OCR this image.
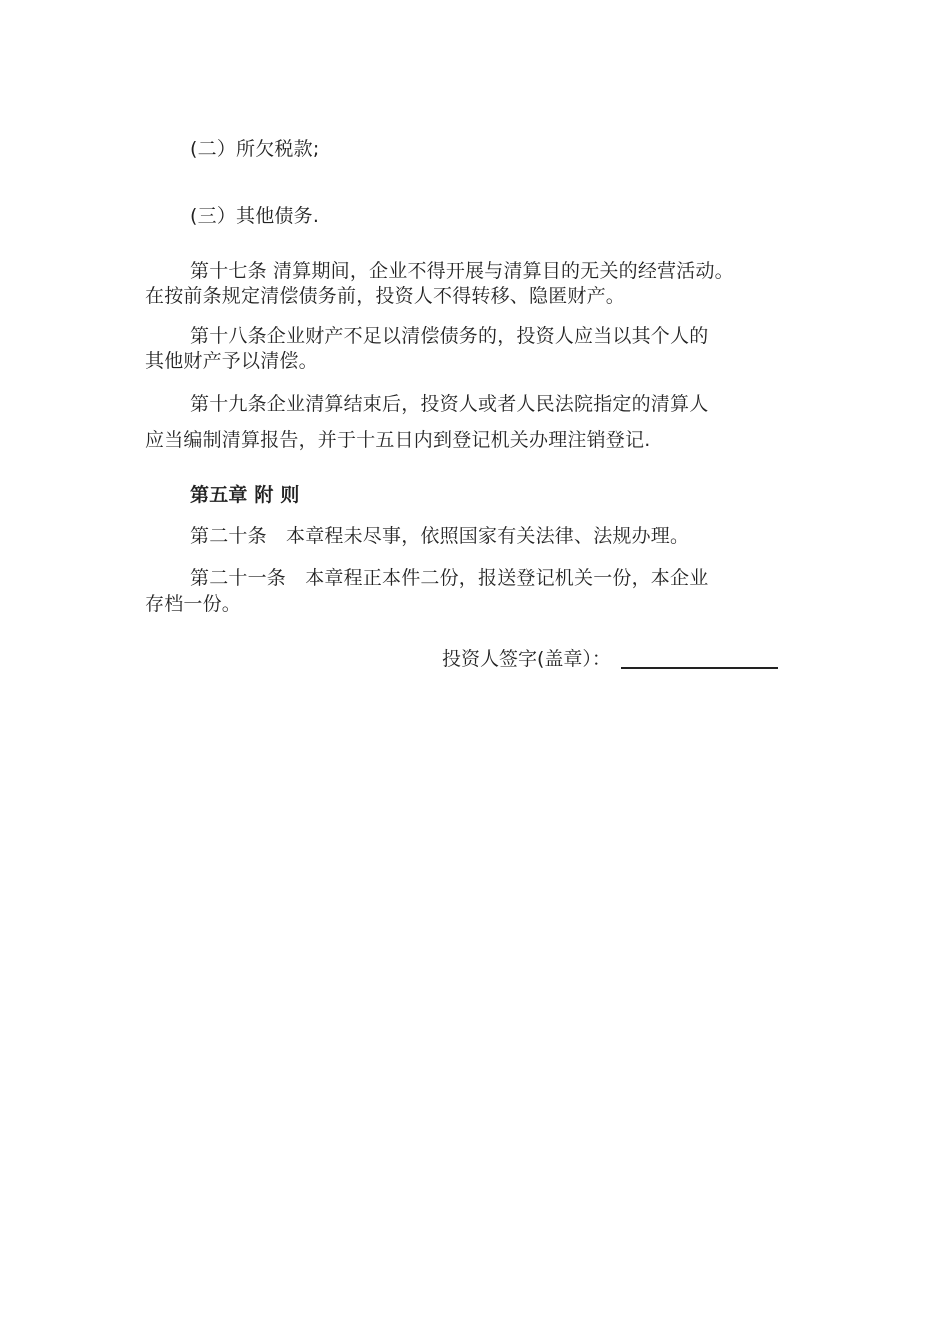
(二）所欠税款;
(三）其他债务.
第十七条 清算期间，企业不得开展与清算目的无关的经营活动。
在按前条规定清偿债务前，投资人不得转移、隐匿财产。
第十八条企业财产不足以清偿债务的，投资人应当以其个人的
其他财产予以清偿。
第十九条企业清算结束后，投资人或者人民法院指定的清算人
应当编制清算报告，并于十五日内到登记机关办理注销登记.
第五章 附 则
第二十条　本章程未尽事，依照国家有关法律、法规办理。
第二十一条　本章程正本件二份，报送登记机关一份，本企业
存档一份。
投资人签字(盖章）：
